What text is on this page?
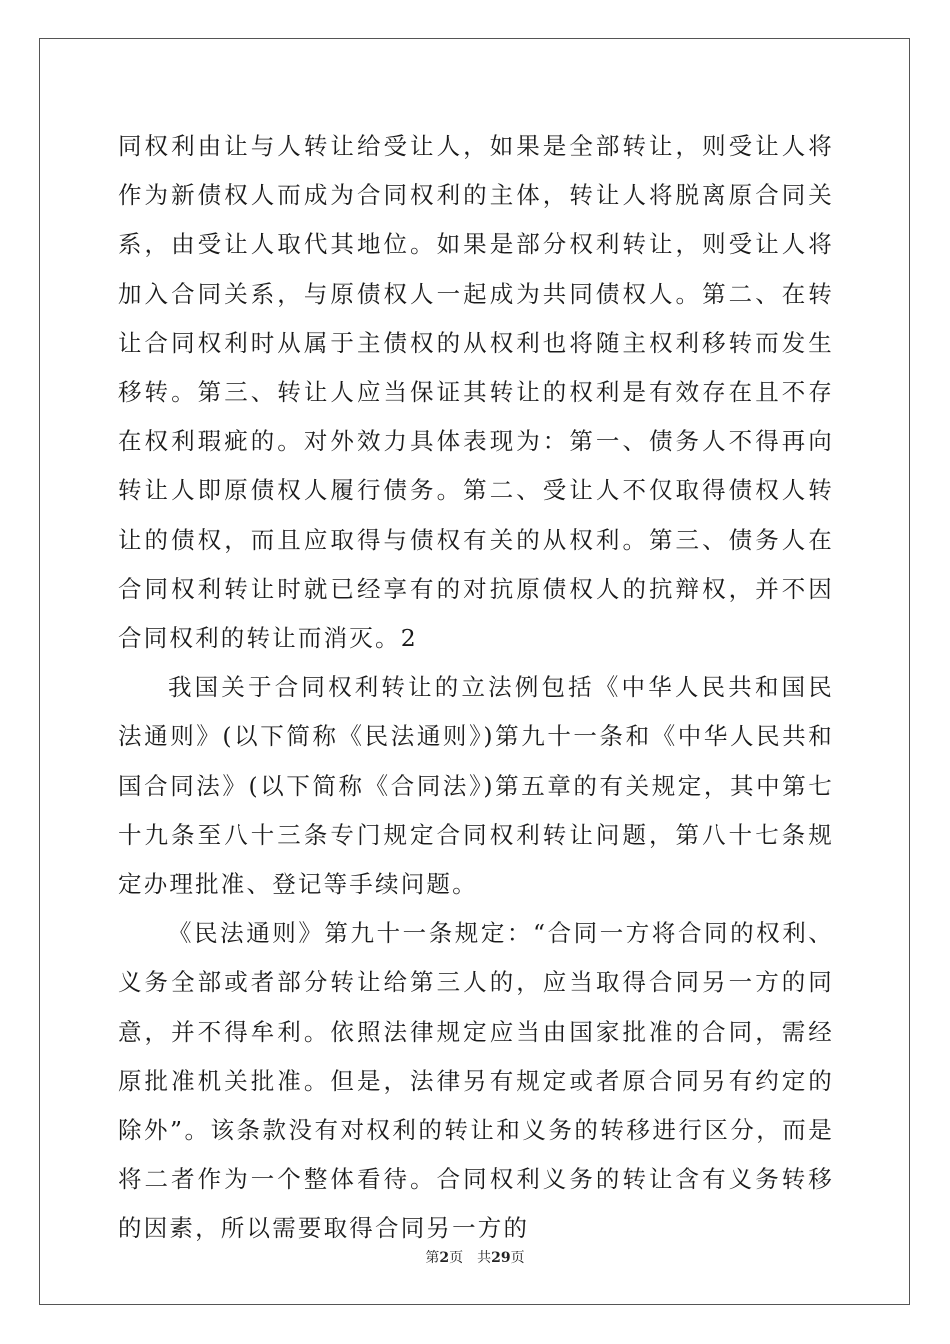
同权利由让与人转让给受让人，如果是全部转让，则受让人将作为新债权人而成为合同权利的主体，转让人将脱离原合同关系，由受让人取代其地位。如果是部分权利转让，则受让人将加入合同关系，与原债权人一起成为共同债权人。第二、在转让合同权利时从属于主债权的从权利也将随主权利移转而发生移转。第三、转让人应当保证其转让的权利是有效存在且不存在权利瑕疵的。对外效力具体表现为：第一、债务人不得再向转让人即原债权人履行债务。第二、受让人不仅取得债权人转让的债权，而且应取得与债权有关的从权利。第三、债务人在合同权利转让时就已经享有的对抗原债权人的抗辩权，并不因合同权利的转让而消灭。2

我国关于合同权利转让的立法例包括《中华人民共和国民法通则》(以下简称《民法通则》)第九十一条和《中华人民共和国合同法》(以下简称《合同法》)第五章的有关规定，其中第七十九条至八十三条专门规定合同权利转让问题，第八十七条规定办理批准、登记等手续问题。

《民法通则》第九十一条规定：“合同一方将合同的权利、义务全部或者部分转让给第三人的，应当取得合同另一方的同意，并不得牟利。依照法律规定应当由国家批准的合同，需经原批准机关批准。但是，法律另有规定或者原合同另有约定的除外”。该条款没有对权利的转让和义务的转移进行区分，而是将二者作为一个整体看待。合同权利义务的转让含有义务转移的因素，所以需要取得合同另一方的

第2页 共29页
